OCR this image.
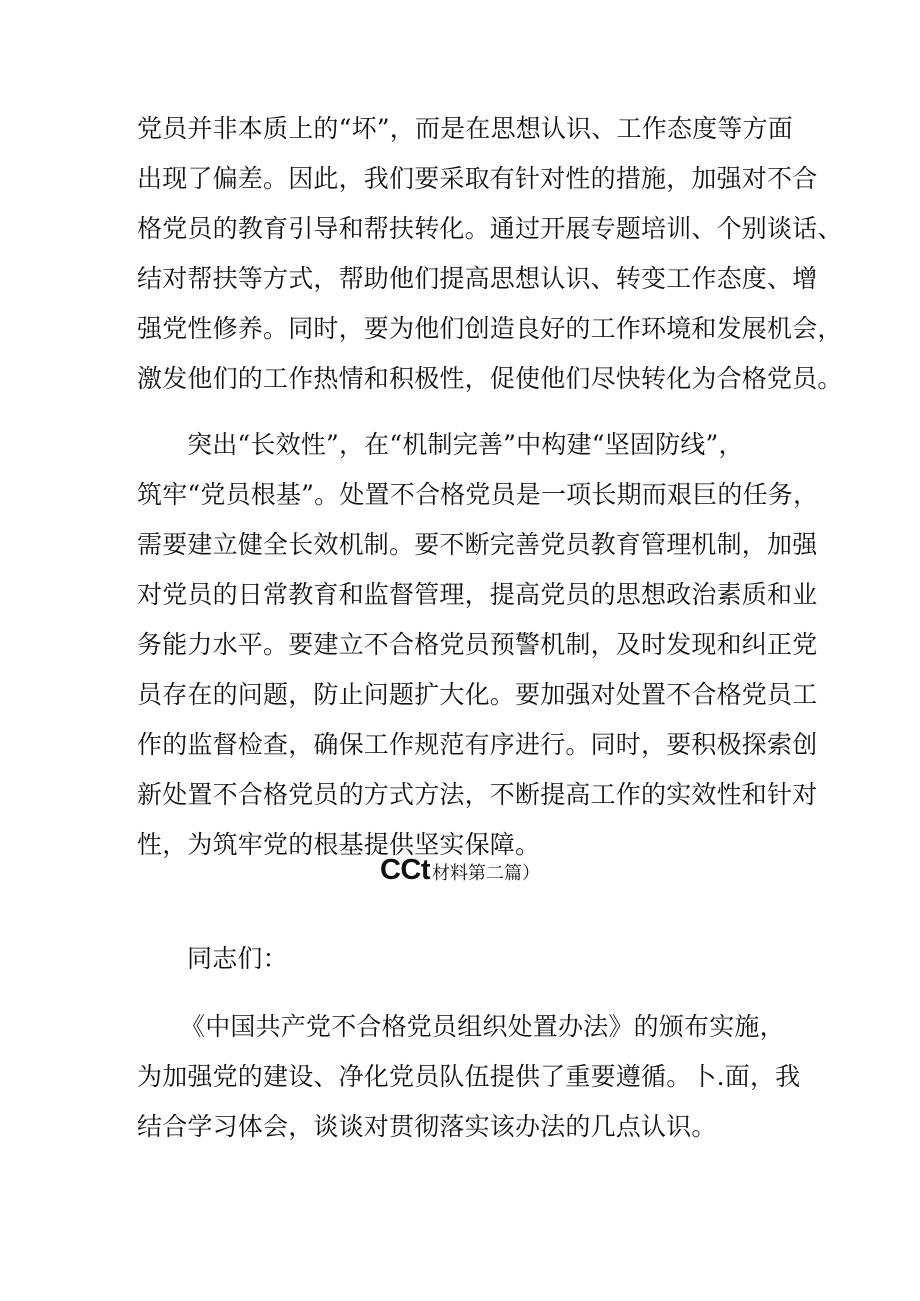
党员并非本质上的“坏”，而是在思想认识、工作态度等方面
出现了偏差。因此，我们要采取有针对性的措施，加强对不合
格党员的教育引导和帮扶转化。通过开展专题培训、个别谈话、
结对帮扶等方式，帮助他们提高思想认识、转变工作态度、增
强党性修养。同时，要为他们创造良好的工作环境和发展机会，
激发他们的工作热情和积极性，促使他们尽快转化为合格党员。
突出“长效性”，在“机制完善”中构建“坚固防线”，
筑牢“党员根基”。处置不合格党员是一项长期而艰巨的任务，
需要建立健全长效机制。要不断完善党员教育管理机制，加强
对党员的日常教育和监督管理，提高党员的思想政治素质和业
务能力水平。要建立不合格党员预警机制，及时发现和纠正党
员存在的问题，防止问题扩大化。要加强对处置不合格党员工
作的监督检查，确保工作规范有序进行。同时，要积极探索创
新处置不合格党员的方式方法，不断提高工作的实效性和针对
性，为筑牢党的根基提供坚实保障。
CCt 材料第二篇）
同志们：
《中国共产党不合格党员组织处置办法》的颁布实施，
为加强党的建设、净化党员队伍提供了重要遵循。卜.面，我
结合学习体会，谈谈对贯彻落实该办法的几点认识。
